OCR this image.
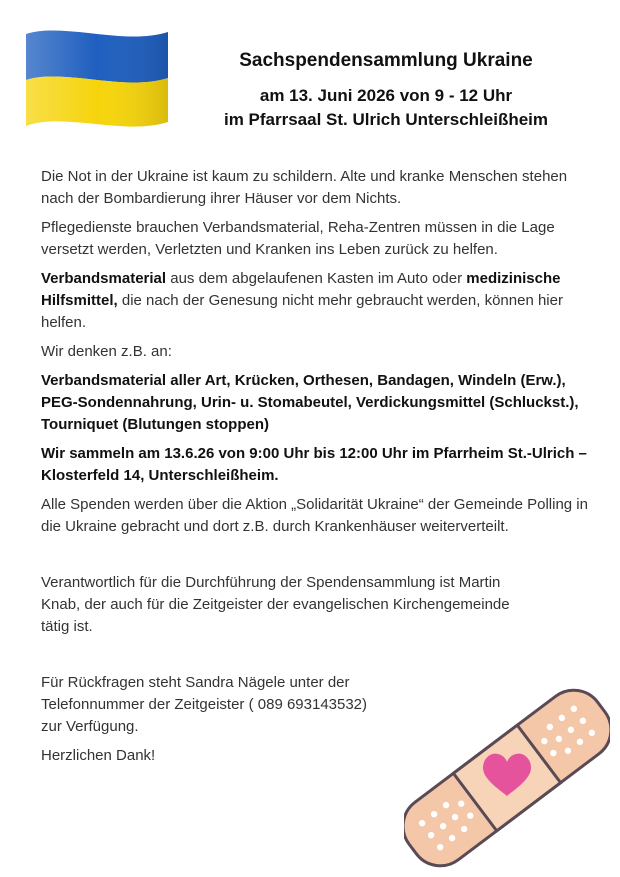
Sachspendensammlung Ukraine
am 13. Juni 2026 von 9 - 12 Uhr
im Pfarrsaal St. Ulrich Unterschleißheim

Die Not in der Ukraine ist kaum zu schildern. Alte und kranke Menschen stehen nach der Bombardierung ihrer Häuser vor dem Nichts.

Pflegedienste brauchen Verbandsmaterial, Reha-Zentren müssen in die Lage versetzt werden, Verletzten und Kranken ins Leben zurück zu helfen.

Verbandsmaterial aus dem abgelaufenen Kasten im Auto oder medizinische Hilfsmittel, die nach der Genesung nicht mehr gebraucht werden, können hier helfen.

Wir denken z.B. an:

Verbandsmaterial aller Art, Krücken, Orthesen, Bandagen, Windeln (Erw.), PEG-Sondennahrung, Urin- u. Stomabeutel, Verdickungsmittel (Schluckst.), Tourniquet (Blutungen stoppen)

Wir sammeln am 13.6.26 von 9:00 Uhr bis 12:00 Uhr im Pfarrheim St.-Ulrich – Klosterfeld 14, Unterschleißheim.

Alle Spenden werden über die Aktion „Solidarität Ukraine“ der Gemeinde Polling in die Ukraine gebracht und dort z.B. durch Krankenhäuser weiterverteilt.

Verantwortlich für die Durchführung der Spendensammlung ist Martin Knab, der auch für die Zeitgeister der evangelischen Kirchengemeinde tätig ist.

Für Rückfragen steht Sandra Nägele unter der Telefonnummer der Zeitgeister ( 089 693143532) zur Verfügung.

Herzlichen Dank!
